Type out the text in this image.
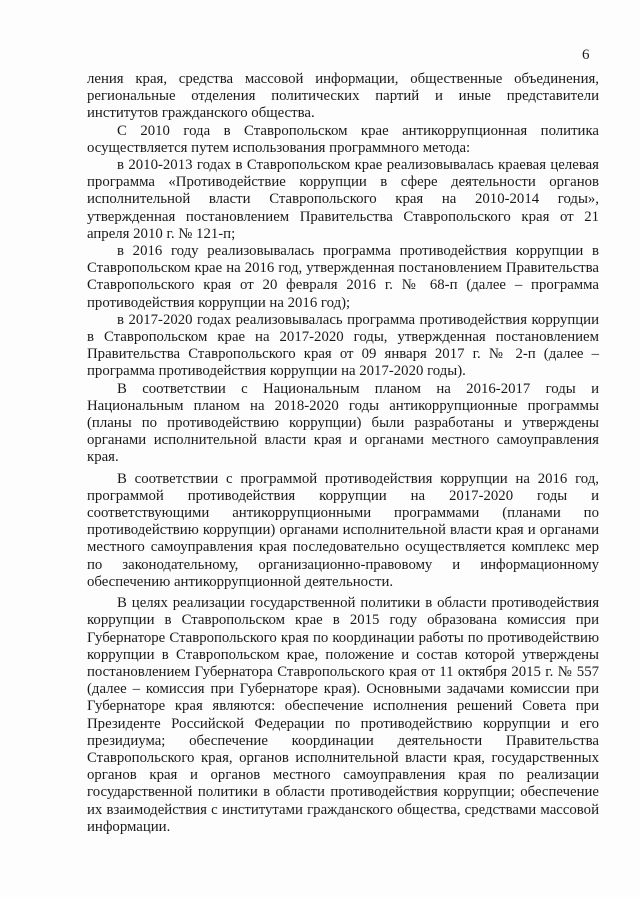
6

ления края, средства массовой информации, общественные объединения, региональные отделения политических партий и иные представители институтов гражданского общества.

С 2010 года в Ставропольском крае антикоррупционная политика осуществляется путем использования программного метода:

в 2010-2013 годах в Ставропольском крае реализовывалась краевая целевая программа «Противодействие коррупции в сфере деятельности органов исполнительной власти Ставропольского края на 2010-2014 годы», утвержденная постановлением Правительства Ставропольского края от 21 апреля 2010 г. № 121-п;

в 2016 году реализовывалась программа противодействия коррупции в Ставропольском крае на 2016 год, утвержденная постановлением Правительства Ставропольского края от 20 февраля 2016 г. № 68-п (далее – программа противодействия коррупции на 2016 год);

в 2017-2020 годах реализовывалась программа противодействия коррупции в Ставропольском крае на 2017-2020 годы, утвержденная постановлением Правительства Ставропольского края от 09 января 2017 г. № 2-п (далее – программа противодействия коррупции на 2017-2020 годы).

В соответствии с Национальным планом на 2016-2017 годы и Национальным планом на 2018-2020 годы антикоррупционные программы (планы по противодействию коррупции) были разработаны и утверждены органами исполнительной власти края и органами местного самоуправления края.

В соответствии с программой противодействия коррупции на 2016 год, программой противодействия коррупции на 2017-2020 годы и соответствующими антикоррупционными программами (планами по противодействию коррупции) органами исполнительной власти края и органами местного самоуправления края последовательно осуществляется комплекс мер по законодательному, организационно-правовому и информационному обеспечению антикоррупционной деятельности.

В целях реализации государственной политики в области противодействия коррупции в Ставропольском крае в 2015 году образована комиссия при Губернаторе Ставропольского края по координации работы по противодействию коррупции в Ставропольском крае, положение и состав которой утверждены постановлением Губернатора Ставропольского края от 11 октября 2015 г. № 557 (далее – комиссия при Губернаторе края). Основными задачами комиссии при Губернаторе края являются: обеспечение исполнения решений Совета при Президенте Российской Федерации по противодействию коррупции и его президиума; обеспечение координации деятельности Правительства Ставропольского края, органов исполнительной власти края, государственных органов края и органов местного самоуправления края по реализации государственной политики в области противодействия коррупции; обеспечение их взаимодействия с институтами гражданского общества, средствами массовой информации.
